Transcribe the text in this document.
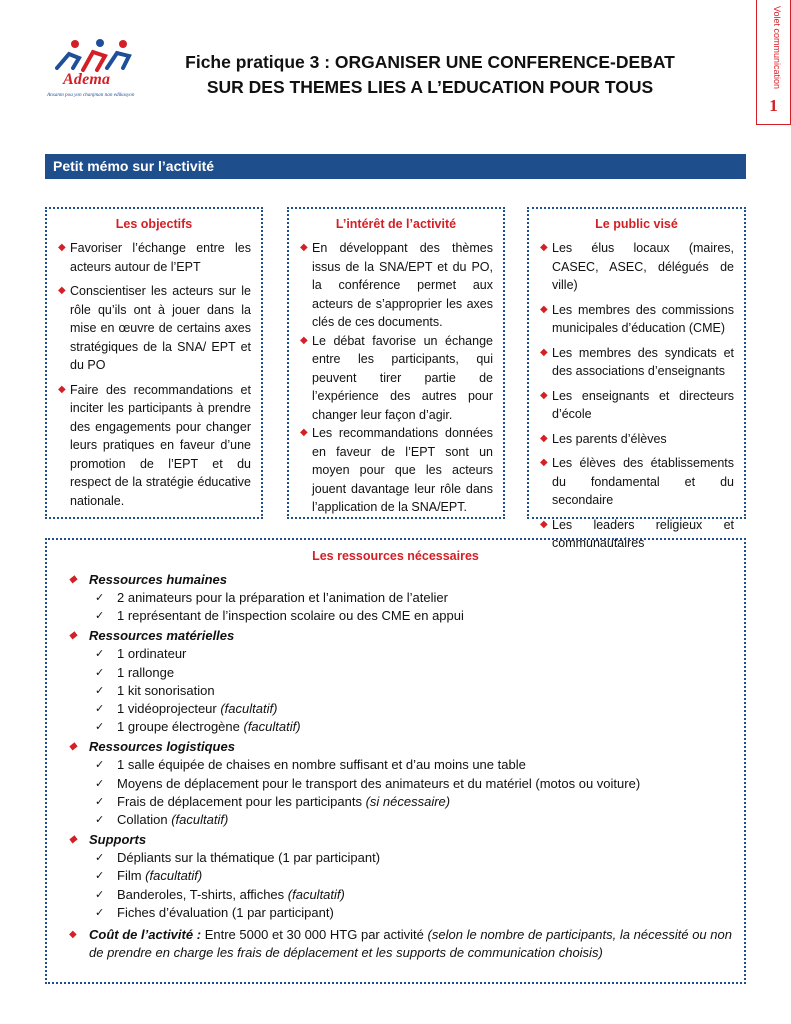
Adema
Ansanm pou yon chanjman nan edikasyon
Fiche pratique 3 : ORGANISER UNE CONFERENCE-DEBAT
SUR DES THEMES LIES A L’EDUCATION POUR TOUS	Volet communication
1
Petit mémo sur l’activité
Les objectifs
◆
Favoriser l’échange entre les acteurs autour de l’EPT
◆
Conscientiser les acteurs sur le rôle qu’ils ont à jouer dans la mise en œuvre de certains axes stratégiques de la SNA/ EPT et du PO
◆
Faire des recommandations et inciter les participants à prendre des engagements pour changer leurs pratiques en faveur d’une promotion de l’EPT et du respect de la stratégie éducative nationale.
L’intérêt de l’activité
◆
En développant des thèmes issus de la SNA/EPT et du PO, la conférence permet aux acteurs de s’approprier les axes clés de ces documents.
◆
Le débat favorise un échange entre les participants, qui peuvent tirer partie de l’expérience des autres pour changer leur façon d’agir.
◆
Les recommandations données en faveur de l’EPT sont un moyen pour que les acteurs jouent davantage leur rôle dans l’application de la SNA/EPT.
Le public visé
◆
Les élus locaux (maires, CASEC, ASEC, délégués de ville)
◆
Les membres des commissions municipales d’éducation (CME)
◆
Les membres des syndicats et des associations d’enseignants
◆
Les enseignants et directeurs d’école
◆
Les parents d’élèves
◆
Les élèves des établissements du fondamental et du secondaire
◆
Les leaders religieux et communautaires
Les ressources nécessaires
◆
Ressources humaines
✓
2 animateurs pour la préparation et l’animation de l’atelier
✓
1 représentant de l’inspection scolaire ou des CME en appui
◆
Ressources matérielles
✓
1 ordinateur
✓
1 rallonge
✓
1 kit sonorisation
✓
1 vidéoprojecteur (facultatif)
✓
1 groupe électrogène (facultatif)
◆
Ressources logistiques
✓
1 salle équipée de chaises en nombre suffisant et d’au moins une table
✓
Moyens de déplacement pour le transport des animateurs et du matériel (motos ou voiture)
✓
Frais de déplacement pour les participants (si nécessaire)
✓
Collation (facultatif)
◆
Supports
✓
Dépliants sur la thématique (1 par participant)
✓
Film (facultatif)
✓
Banderoles, T-shirts, affiches (facultatif)
✓
Fiches d’évaluation (1 par participant)
◆
Coût de l’activité : Entre 5000 et 30 000 HTG par activité (selon le nombre de participants, la nécessité ou non de prendre en charge les frais de déplacement et les supports de communication choisis)
